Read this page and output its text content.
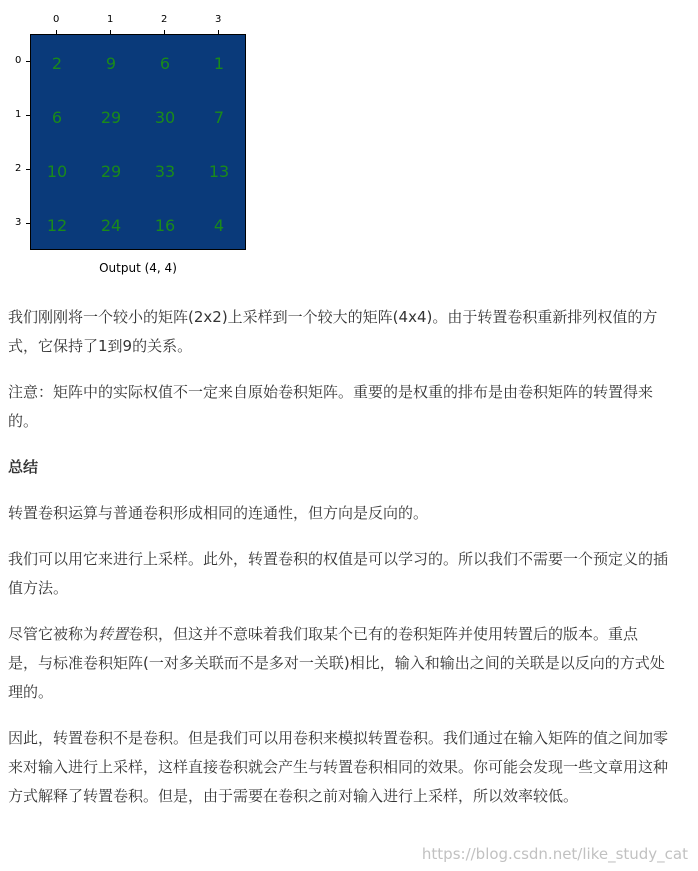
0	1	2	3
0
1
2
3
2	9	6	1
6	29	30	7
10	29	33	13
12	24	16	4
Output (4, 4)

我们刚刚将一个较小的矩阵(2x2)上采样到一个较大的矩阵(4x4)。由于转置卷积重新排列权值的方式，它保持了1到9的关系。

注意：矩阵中的实际权值不一定来自原始卷积矩阵。重要的是权重的排布是由卷积矩阵的转置得来的。

总结

转置卷积运算与普通卷积形成相同的连通性，但方向是反向的。

我们可以用它来进行上采样。此外，转置卷积的权值是可以学习的。所以我们不需要一个预定义的插值方法。

尽管它被称为转置卷积，但这并不意味着我们取某个已有的卷积矩阵并使用转置后的版本。重点是，与标准卷积矩阵(一对多关联而不是多对一关联)相比，输入和输出之间的关联是以反向的方式处理的。

因此，转置卷积不是卷积。但是我们可以用卷积来模拟转置卷积。我们通过在输入矩阵的值之间加零来对输入进行上采样，这样直接卷积就会产生与转置卷积相同的效果。你可能会发现一些文章用这种方式解释了转置卷积。但是，由于需要在卷积之前对输入进行上采样，所以效率较低。

https://blog.csdn.net/like_study_cat
